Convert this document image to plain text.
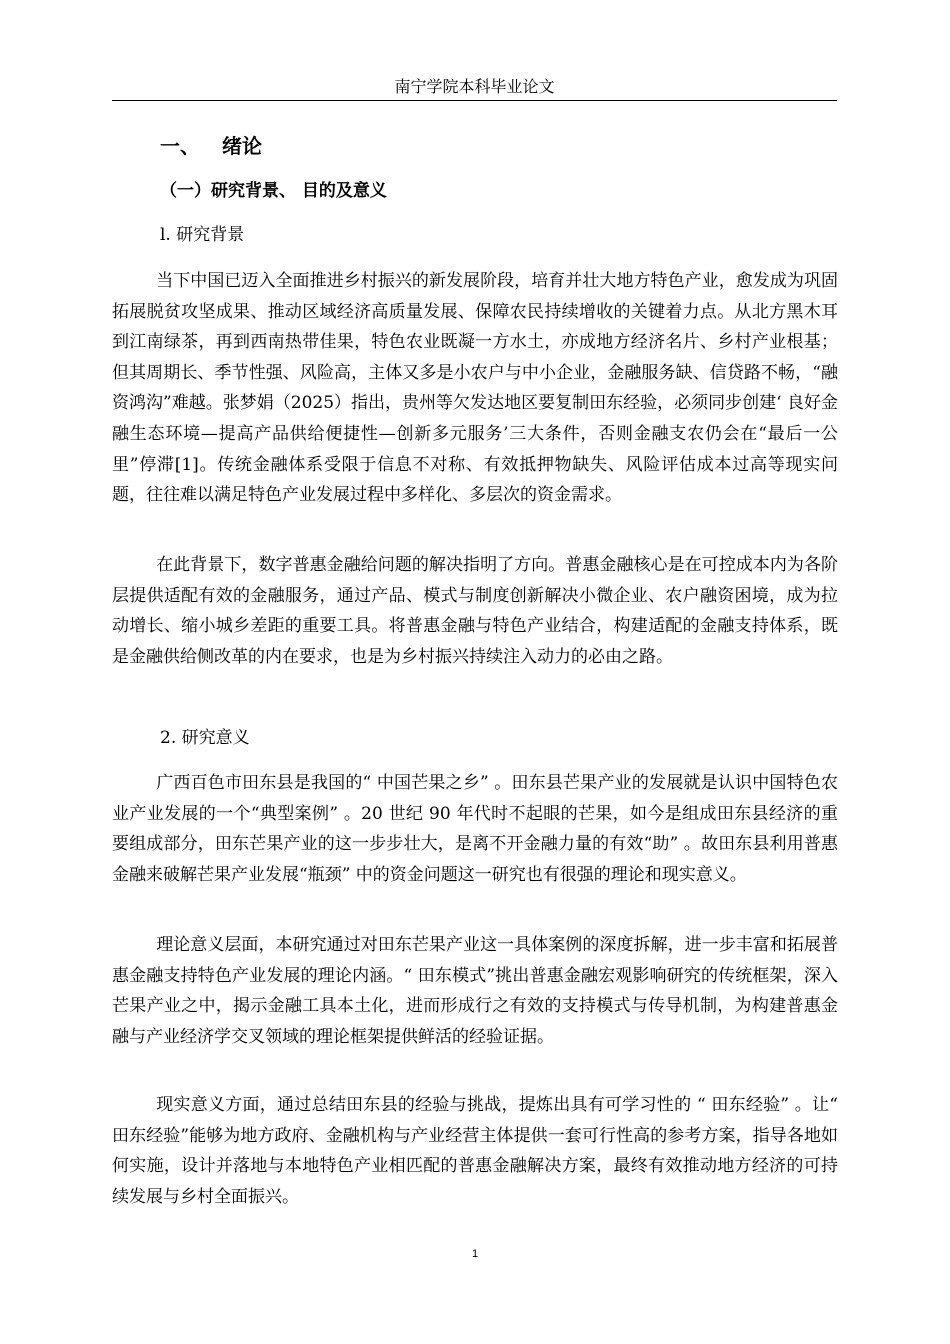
南宁学院本科毕业论文
一、 绪论
（一）研究背景、 目的及意义
l. 研究背景

当下中国已迈入全面推进乡村振兴的新发展阶段，培育并壮大地方特色产业，愈发成为巩固拓展脱贫攻坚成果、推动区域经济高质量发展、保障农民持续增收的关键着力点。从北方黑木耳到江南绿茶，再到西南热带佳果，特色农业既凝一方水土，亦成地方经济名片、乡村产业根基；但其周期长、季节性强、风险高，主体又多是小农户与中小企业，金融服务缺、信贷路不畅，“融资鸿沟”难越。张梦娟（2025）指出，贵州等欠发达地区要复制田东经验，必须同步创建‘ 良好金融生态环境—提高产品供给便捷性—创新多元服务’三大条件，否则金融支农仍会在“最后一公里”停滞[1]。传统金融体系受限于信息不对称、有效抵押物缺失、风险评估成本过高等现实问题，往往难以满足特色产业发展过程中多样化、多层次的资金需求。

在此背景下，数字普惠金融给问题的解决指明了方向。普惠金融核心是在可控成本内为各阶层提供适配有效的金融服务，通过产品、模式与制度创新解决小微企业、农户融资困境，成为拉动增长、缩小城乡差距的重要工具。将普惠金融与特色产业结合，构建适配的金融支持体系，既是金融供给侧改革的内在要求，也是为乡村振兴持续注入动力的必由之路。

2. 研究意义

广西百色市田东县是我国的“ 中国芒果之乡” 。田东县芒果产业的发展就是认识中国特色农业产业发展的一个“典型案例” 。20 世纪 90 年代时不起眼的芒果，如今是组成田东县经济的重要组成部分，田东芒果产业的这一步步壮大，是离不开金融力量的有效“助” 。故田东县利用普惠金融来破解芒果产业发展“瓶颈” 中的资金问题这一研究也有很强的理论和现实意义。

理论意义层面，本研究通过对田东芒果产业这一具体案例的深度拆解，进一步丰富和拓展普惠金融支持特色产业发展的理论内涵。“ 田东模式”挑出普惠金融宏观影响研究的传统框架，深入芒果产业之中，揭示金融工具本土化，进而形成行之有效的支持模式与传导机制，为构建普惠金融与产业经济学交叉领域的理论框架提供鲜活的经验证据。

现实意义方面，通过总结田东县的经验与挑战，提炼出具有可学习性的 “ 田东经验” 。让“ 田东经验”能够为地方政府、金融机构与产业经营主体提供一套可行性高的参考方案，指导各地如何实施，设计并落地与本地特色产业相匹配的普惠金融解决方案，最终有效推动地方经济的可持续发展与乡村全面振兴。

1
